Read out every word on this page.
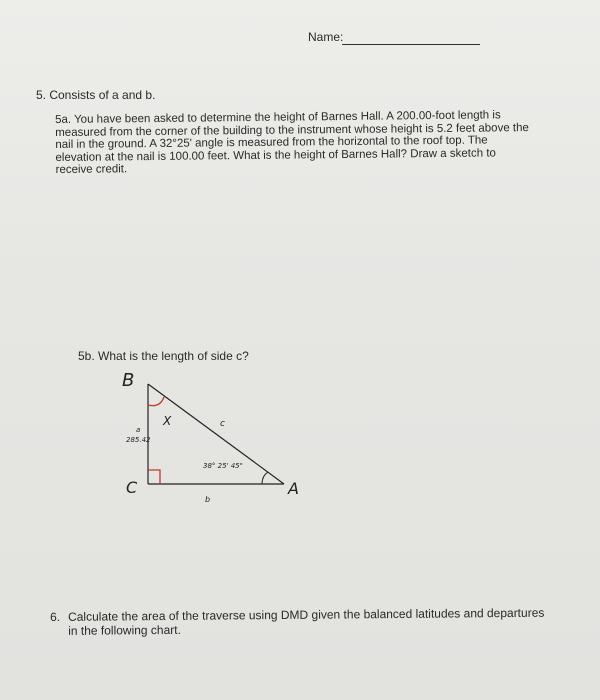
Name:
5. Consists of a and b.
5a. You have been asked to determine the height of Barnes Hall. A 200.00-foot length is measured from the corner of the building to the instrument whose height is 5.2 feet above the nail in the ground. A 32°25' angle is measured from the horizontal to the roof top. The elevation at the nail is 100.00 feet. What is the height of Barnes Hall? Draw a sketch to receive credit.
5b. What is the length of side c?
B
C	A
X	c
b
a
285.42
38° 25' 45"
6. Calculate the area of the traverse using DMD given the balanced latitudes and departures in the following chart.
